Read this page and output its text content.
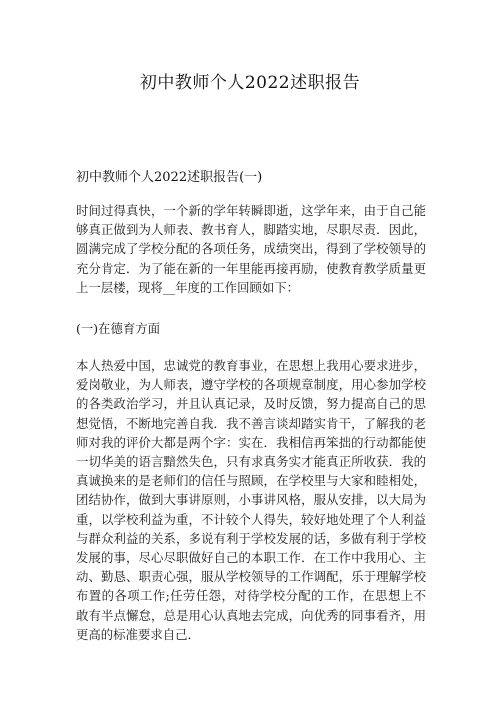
初中教师个人2022述职报告
初中教师个人2022述职报告(一)
时间过得真快，一个新的学年转瞬即逝，这学年来，由于自己能够真正做到为人师表、教书育人，脚踏实地，尽职尽责．因此，圆满完成了学校分配的各项任务，成绩突出，得到了学校领导的充分肯定．为了能在新的一年里能再接再励，使教育教学质量更上一层楼，现将__年度的工作回顾如下：
(一)在德育方面
本人热爱中国，忠诚党的教育事业，在思想上我用心要求进步，爱岗敬业，为人师表，遵守学校的各项规章制度，用心参加学校的各类政治学习，并且认真记录，及时反馈，努力提高自己的思想觉悟，不断地完善自我．我不善言谈却踏实肯干，了解我的老师对我的评价大都是两个字：实在．我相信再笨拙的行动都能使一切华美的语言黯然失色，只有求真务实才能真正所收获．我的真诚换来的是老师们的信任与照顾，在学校里与大家和睦相处，团结协作，做到大事讲原则，小事讲风格，服从安排，以大局为重，以学校利益为重，不计较个人得失，较好地处理了个人利益与群众利益的关系，多说有利于学校发展的话，多做有利于学校发展的事，尽心尽职做好自己的本职工作．在工作中我用心、主动、勤恳、职责心强，服从学校领导的工作调配，乐于理解学校布置的各项工作;任劳任怨，对待学校分配的工作，在思想上不敢有半点懈怠，总是用心认真地去完成，向优秀的同事看齐，用更高的标准要求自己．
